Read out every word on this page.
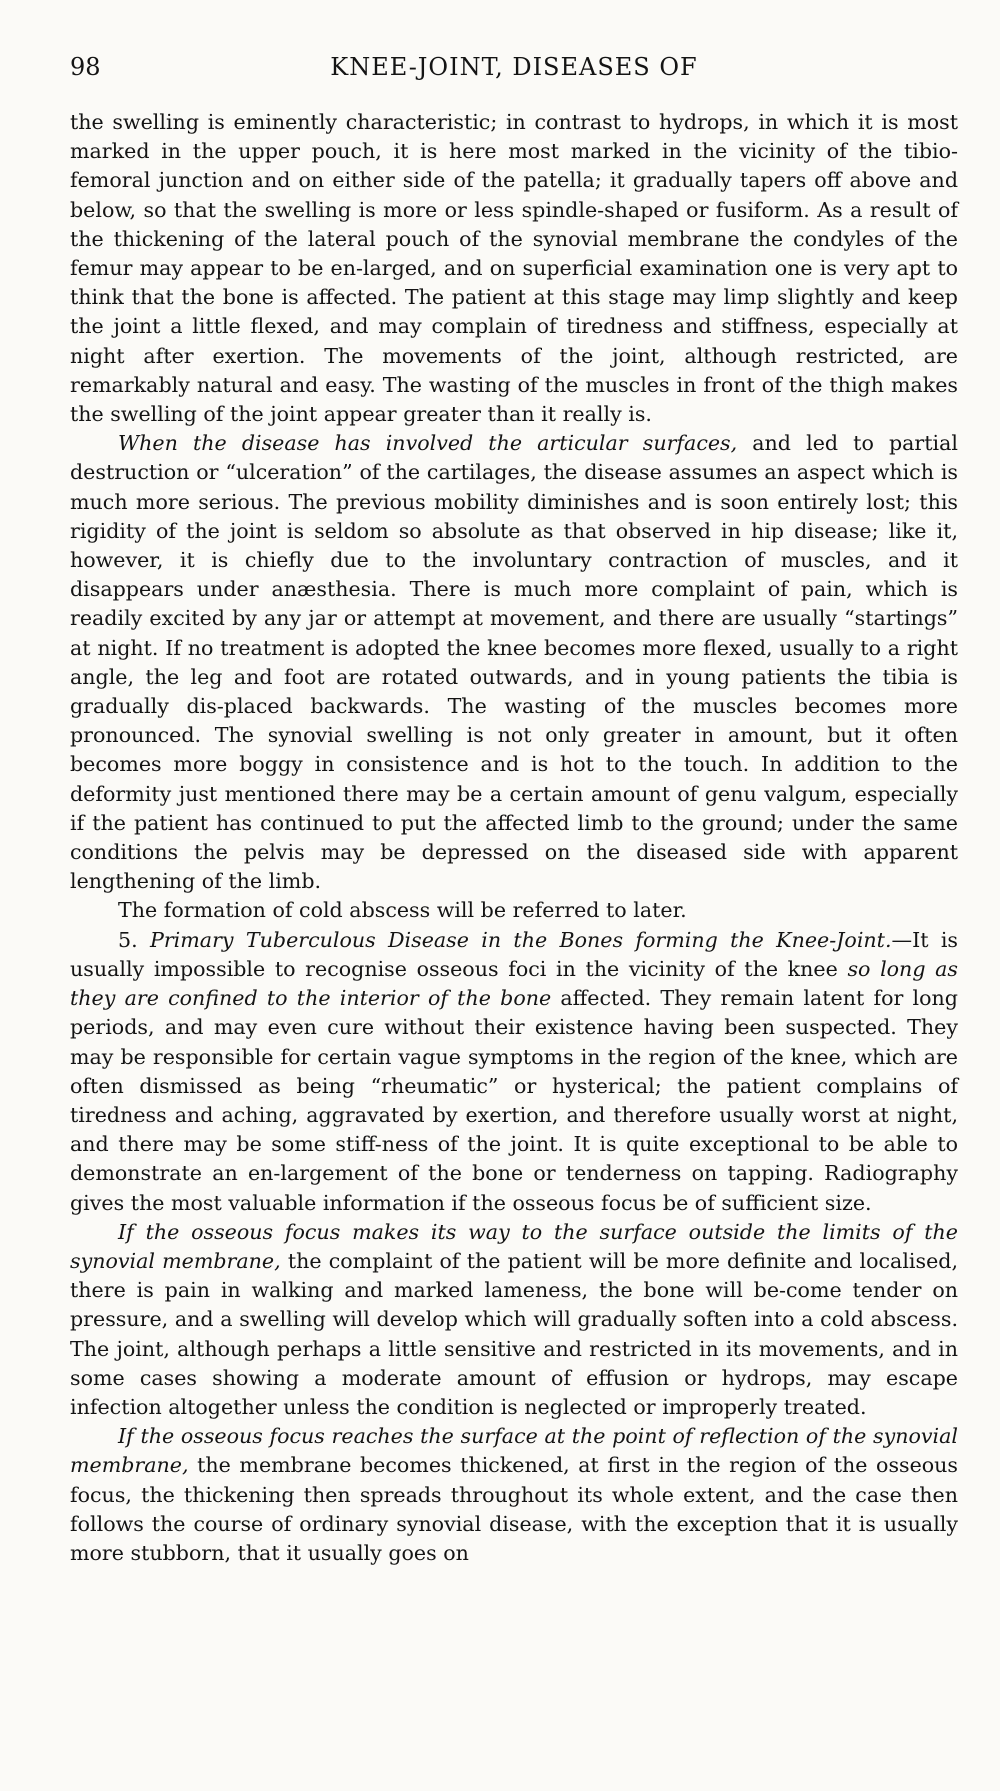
98	KNEE-JOINT, DISEASES OF

the swelling is eminently characteristic; in contrast to hydrops, in which it is most marked in the upper pouch, it is here most marked in the vicinity of the tibio-femoral junction and on either side of the patella; it gradually tapers off above and below, so that the swelling is more or less spindle-shaped or fusiform. As a result of the thickening of the lateral pouch of the synovial membrane the condyles of the femur may appear to be en-larged, and on superficial examination one is very apt to think that the bone is affected. The patient at this stage may limp slightly and keep the joint a little flexed, and may complain of tiredness and stiffness, especially at night after exertion. The movements of the joint, although restricted, are remarkably natural and easy. The wasting of the muscles in front of the thigh makes the swelling of the joint appear greater than it really is.

When the disease has involved the articular surfaces, and led to partial destruction or “ulceration” of the cartilages, the disease assumes an aspect which is much more serious. The previous mobility diminishes and is soon entirely lost; this rigidity of the joint is seldom so absolute as that observed in hip disease; like it, however, it is chiefly due to the involuntary contraction of muscles, and it disappears under anæsthesia. There is much more complaint of pain, which is readily excited by any jar or attempt at movement, and there are usually “startings” at night. If no treatment is adopted the knee becomes more flexed, usually to a right angle, the leg and foot are rotated outwards, and in young patients the tibia is gradually dis-placed backwards. The wasting of the muscles becomes more pronounced. The synovial swelling is not only greater in amount, but it often becomes more boggy in consistence and is hot to the touch. In addition to the deformity just mentioned there may be a certain amount of genu valgum, especially if the patient has continued to put the affected limb to the ground; under the same conditions the pelvis may be depressed on the diseased side with apparent lengthening of the limb.

The formation of cold abscess will be referred to later.

5. Primary Tuberculous Disease in the Bones forming the Knee-Joint.—It is usually impossible to recognise osseous foci in the vicinity of the knee so long as they are confined to the interior of the bone affected. They remain latent for long periods, and may even cure without their existence having been suspected. They may be responsible for certain vague symptoms in the region of the knee, which are often dismissed as being “rheumatic” or hysterical; the patient complains of tiredness and aching, aggravated by exertion, and therefore usually worst at night, and there may be some stiff-ness of the joint. It is quite exceptional to be able to demonstrate an en-largement of the bone or tenderness on tapping. Radiography gives the most valuable information if the osseous focus be of sufficient size.

If the osseous focus makes its way to the surface outside the limits of the synovial membrane, the complaint of the patient will be more definite and localised, there is pain in walking and marked lameness, the bone will be-come tender on pressure, and a swelling will develop which will gradually soften into a cold abscess. The joint, although perhaps a little sensitive and restricted in its movements, and in some cases showing a moderate amount of effusion or hydrops, may escape infection altogether unless the condition is neglected or improperly treated.

If the osseous focus reaches the surface at the point of reflection of the synovial membrane, the membrane becomes thickened, at first in the region of the osseous focus, the thickening then spreads throughout its whole extent, and the case then follows the course of ordinary synovial disease, with the exception that it is usually more stubborn, that it usually goes on
